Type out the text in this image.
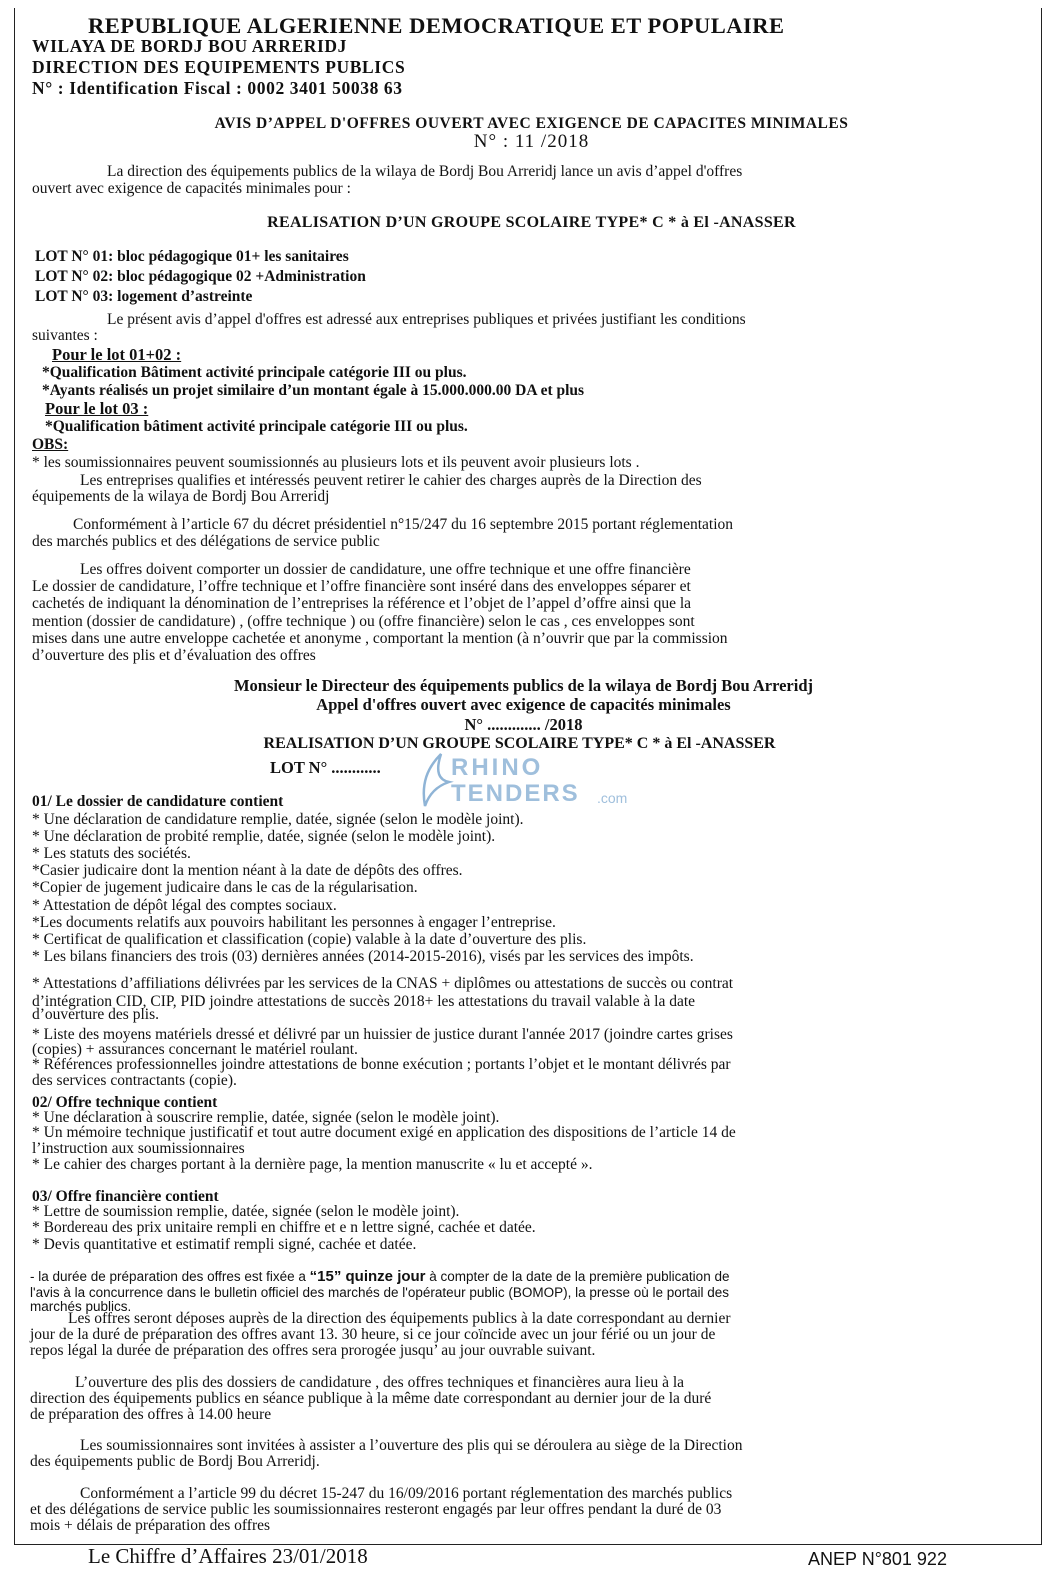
REPUBLIQUE ALGERIENNE DEMOCRATIQUE ET POPULAIRE
WILAYA DE BORDJ BOU ARRERIDJ
DIRECTION DES EQUIPEMENTS PUBLICS
N° : Identification Fiscal : 0002 3401 50038 63
AVIS D’APPEL D'OFFRES OUVERT AVEC EXIGENCE DE CAPACITES MINIMALES
N° : 11 /2018
La direction des équipements publics de la wilaya de Bordj Bou Arreridj lance un avis d’appel d'offres
ouvert avec exigence de capacités minimales pour :
REALISATION D’UN GROUPE SCOLAIRE TYPE* C * à El -ANASSER
LOT N° 01: bloc pédagogique 01+ les sanitaires
LOT N° 02: bloc pédagogique 02 +Administration
LOT N° 03: logement d’astreinte
Le présent avis d’appel d'offres est adressé aux entreprises publiques et privées justifiant les conditions
suivantes :
Pour le lot 01+02 :
*Qualification Bâtiment activité principale catégorie III ou plus.
*Ayants réalisés un projet similaire d’un montant égale à 15.000.000.00 DA et plus
Pour le lot 03 :
*Qualification bâtiment activité principale catégorie III ou plus.
OBS:
* les soumissionnaires peuvent soumissionnés au plusieurs lots et ils peuvent avoir plusieurs lots .
Les entreprises qualifies et intéressés peuvent retirer le cahier des charges auprès de la Direction des
équipements de la wilaya de Bordj Bou Arreridj
Conformément à l’article 67 du décret présidentiel n°15/247 du 16 septembre 2015 portant réglementation
des marchés publics et des délégations de service public
Les offres doivent comporter un dossier de candidature, une offre technique et une offre financière
Le dossier de candidature, l’offre technique et l’offre financière sont inséré dans des enveloppes séparer et
cachetés de indiquant la dénomination de l’entreprises la référence et l’objet de l’appel d’offre ainsi que la
mention (dossier de candidature) , (offre technique ) ou (offre financière) selon le cas , ces enveloppes sont
mises dans une autre enveloppe cachetée et anonyme , comportant la mention (à n’ouvrir que par la commission
d’ouverture des plis et d’évaluation des offres
Monsieur le Directeur des équipements publics de la wilaya de Bordj Bou Arreridj
Appel d'offres ouvert avec exigence de capacités minimales
N° ............. /2018
REALISATION D’UN GROUPE SCOLAIRE TYPE* C * à El -ANASSER
LOT N° ............	RHINO
TENDERS .com
01/ Le dossier de candidature contient
* Une déclaration de candidature remplie, datée, signée (selon le modèle joint).
* Une déclaration de probité remplie, datée, signée (selon le modèle joint).
* Les statuts des sociétés.
*Casier judicaire dont la mention néant à la date de dépôts des offres.
*Copier de jugement judicaire dans le cas de la régularisation.
* Attestation de dépôt légal des comptes sociaux.
*Les documents relatifs aux pouvoirs habilitant les personnes à engager l’entreprise.
* Certificat de qualification et classification (copie) valable à la date d’ouverture des plis.
* Les bilans financiers des trois (03) dernières années (2014-2015-2016), visés par les services des impôts.
* Attestations d’affiliations délivrées par les services de la CNAS + diplômes ou attestations de succès ou contrat
d’intégration CID, CIP, PID joindre attestations de succès 2018+ les attestations du travail valable à la date
d’ouverture des plis.
* Liste des moyens matériels dressé et délivré par un huissier de justice durant l'année 2017 (joindre cartes grises
(copies) + assurances concernant le matériel roulant.
* Références professionnelles joindre attestations de bonne exécution ; portants l’objet et le montant délivrés par
des services contractants (copie).
02/ Offre technique contient
* Une déclaration à souscrire remplie, datée, signée (selon le modèle joint).
* Un mémoire technique justificatif et tout autre document exigé en application des dispositions de l’article 14 de
l’instruction aux soumissionnaires
* Le cahier des charges portant à la dernière page, la mention manuscrite « lu et accepté ».
03/ Offre financière contient
* Lettre de soumission remplie, datée, signée (selon le modèle joint).
* Bordereau des prix unitaire rempli en chiffre et e n lettre signé, cachée et datée.
* Devis quantitative et estimatif rempli signé, cachée et datée.
- la durée de préparation des offres est fixée a “15” quinze jour à compter de la date de la première publication de
l'avis à la concurrence dans le bulletin officiel des marchés de l'opérateur public (BOMOP), la presse où le portail des
marchés publics.
Les offres seront déposes auprès de la direction des équipements publics à la date correspondant au dernier
jour de la duré de préparation des offres avant 13. 30 heure, si ce jour coïncide avec un jour férié ou un jour de
repos légal la durée de préparation des offres sera prorogée jusqu’ au jour ouvrable suivant.
L’ouverture des plis des dossiers de candidature , des offres techniques et financières aura lieu à la
direction des équipements publics en séance publique à la même date correspondant au dernier jour de la duré
de préparation des offres à 14.00 heure
Les soumissionnaires sont invitées à assister a l’ouverture des plis qui se déroulera au siège de la Direction
des équipements public de Bordj Bou Arreridj.
Conformément a l’article 99 du décret 15-247 du 16/09/2016 portant réglementation des marchés publics
et des délégations de service public les soumissionnaires resteront engagés par leur offres pendant la duré de 03
mois + délais de préparation des offres
Le Chiffre d’Affaires 23/01/2018	ANEP N°801 922
